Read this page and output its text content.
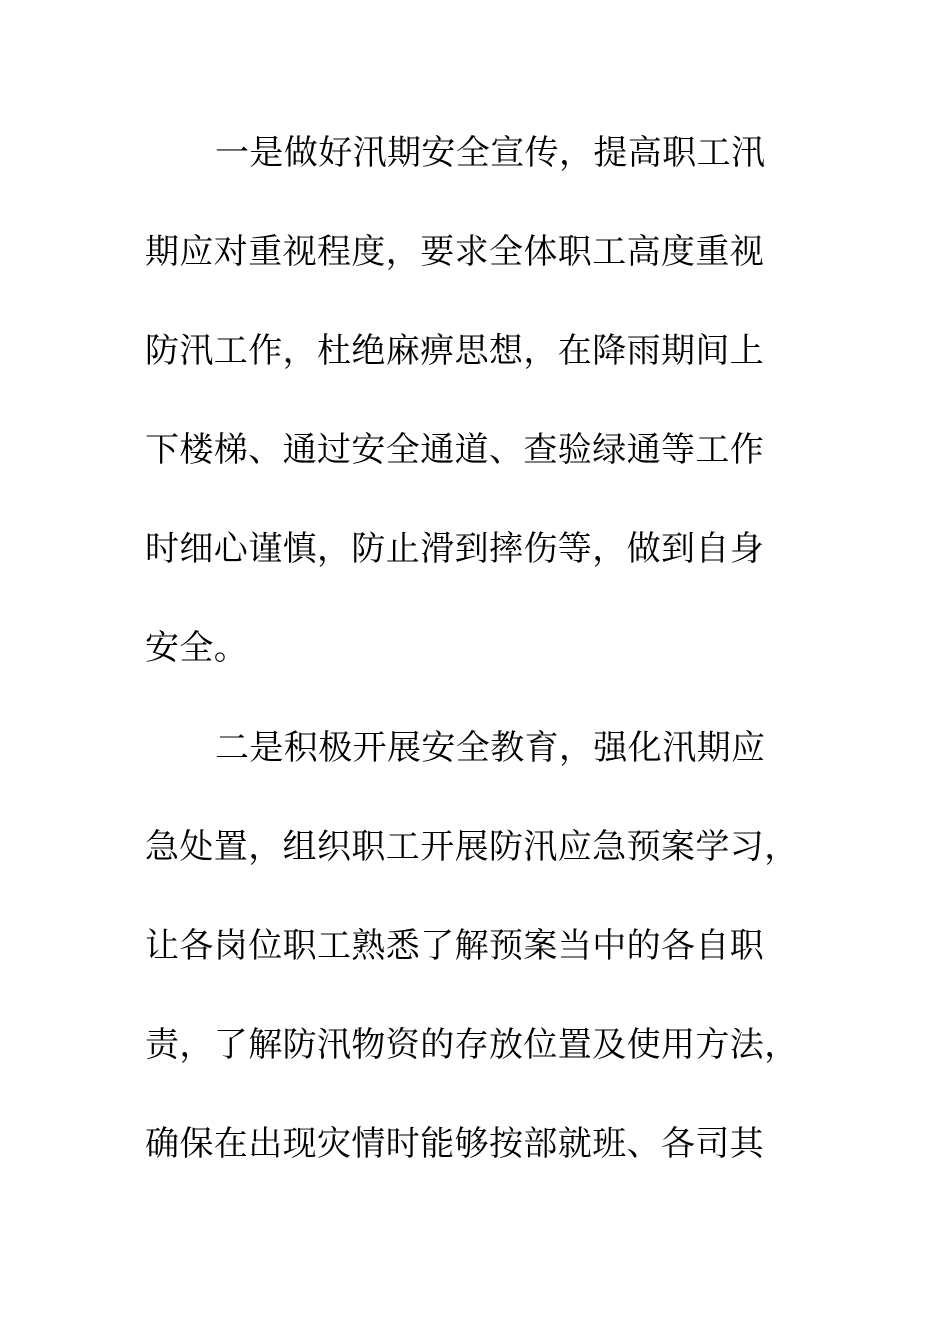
一是做好汛期安全宣传，提高职工汛
期应对重视程度，要求全体职工高度重视
防汛工作，杜绝麻痹思想，在降雨期间上
下楼梯、通过安全通道、查验绿通等工作
时细心谨慎，防止滑到摔伤等，做到自身
安全。
二是积极开展安全教育，强化汛期应
急处置，组织职工开展防汛应急预案学习，
让各岗位职工熟悉了解预案当中的各自职
责，了解防汛物资的存放位置及使用方法，
确保在出现灾情时能够按部就班、各司其
